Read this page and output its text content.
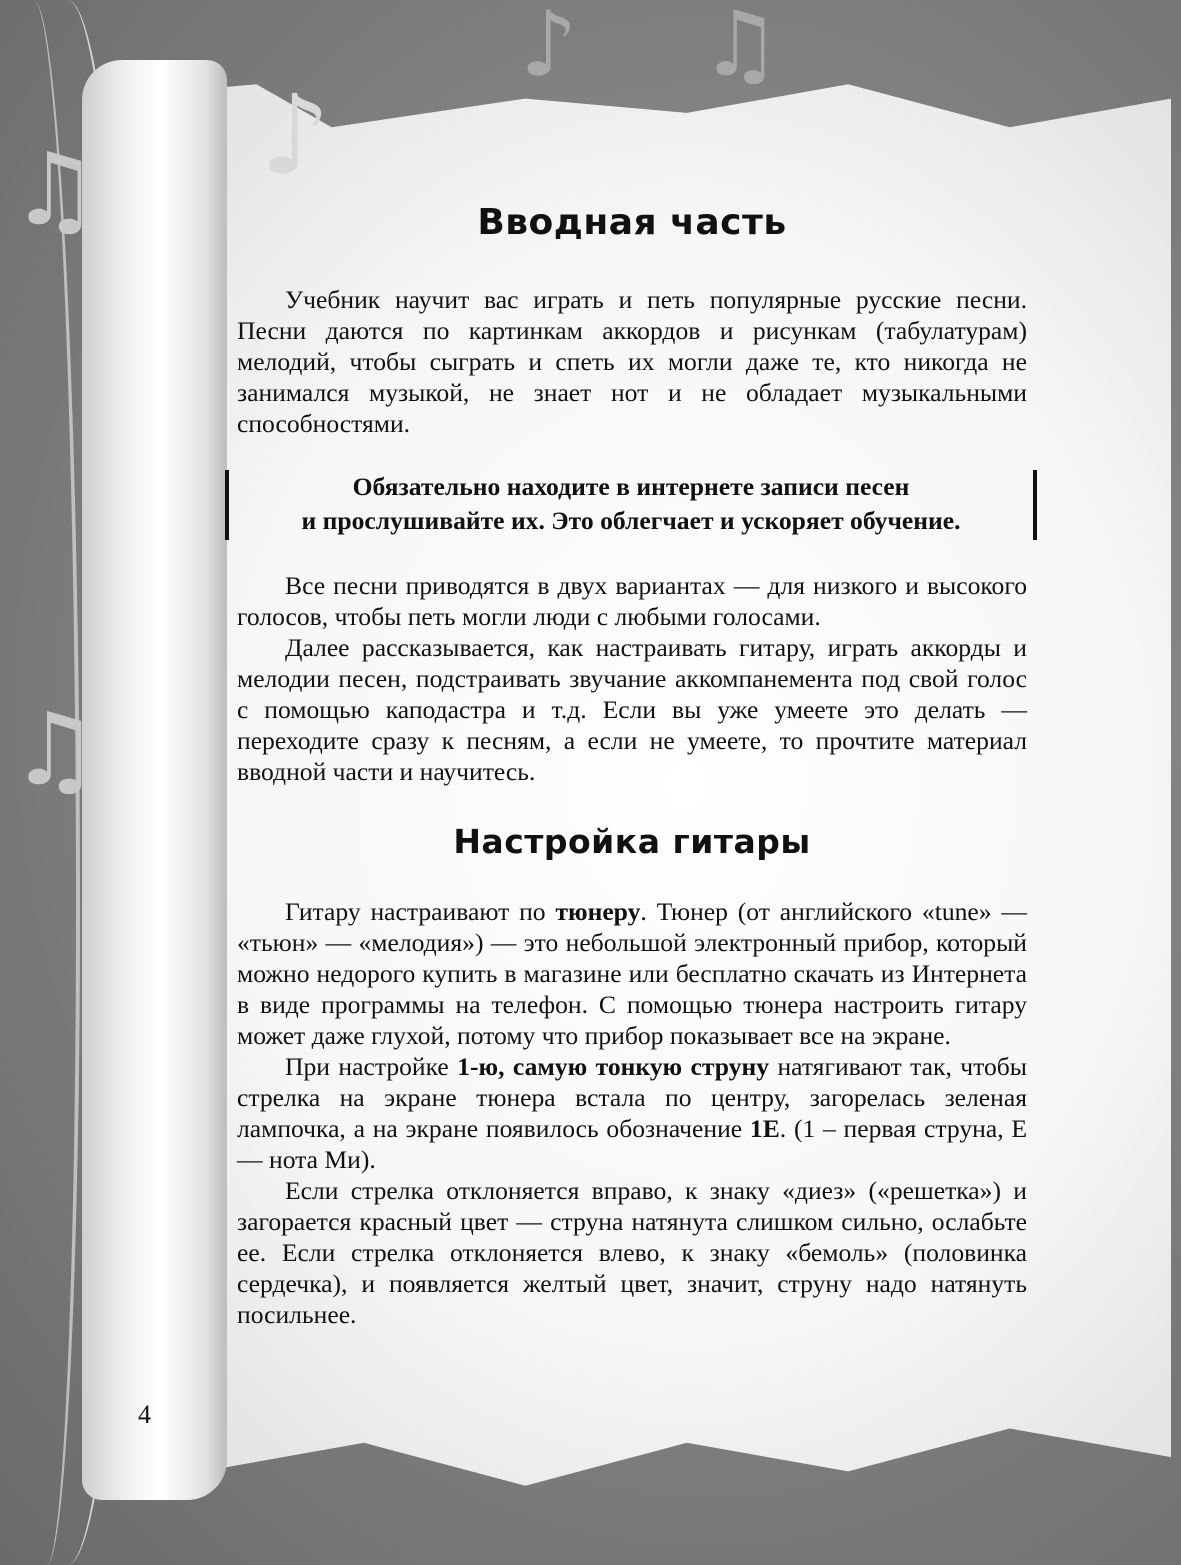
♫ ♪
♪ ♫
♫
Вводная часть

Учебник научит вас играть и петь популярные русские песни. Песни даются по картинкам аккордов и рисункам (табулатурам) мелодий, чтобы сыграть и спеть их могли даже те, кто никогда не занимался музыкой, не знает нот и не обладает музыкальными способностями.

Обязательно находите в интернете записи песен

и прослушивайте их. Это облегчает и ускоряет обучение.

Все песни приводятся в двух вариантах — для низкого и высокого голосов, чтобы петь могли люди с любыми голосами.

Далее рассказывается, как настраивать гитару, играть аккорды и мелодии песен, подстраивать звучание аккомпанемента под свой голос с помощью каподастра и т.д. Если вы уже умеете это делать — переходите сразу к песням, а если не умеете, то прочтите материал вводной части и научитесь.

Настройка гитары

Гитару настраивают по тюнеру. Тюнер (от английского «tune» — «тьюн» — «мелодия») — это небольшой электронный прибор, который можно недорого купить в магазине или бесплатно скачать из Интернета в виде программы на телефон. С помощью тюнера настроить гитару может даже глухой, потому что прибор показывает все на экране.

При настройке 1-ю, самую тонкую струну натягивают так, чтобы стрелка на экране тюнера встала по центру, загорелась зеленая лампочка, а на экране появилось обозначение 1E. (1 – первая струна, E — нота Ми).

Если стрелка отклоняется вправо, к знаку «диез» («решетка») и загорается красный цвет — струна натянута слишком сильно, ослабьте ее. Если стрелка отклоняется влево, к знаку «бемоль» (половинка сердечка), и появляется желтый цвет, значит, струну надо натянуть посильнее.

4
